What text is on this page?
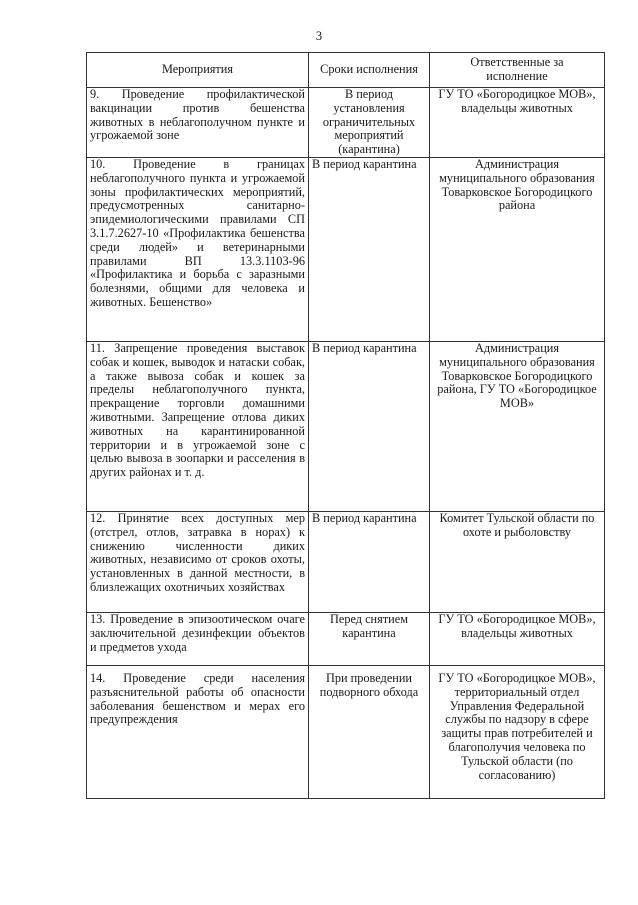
3
Мероприятия	Сроки исполнения	Ответственные за исполнение
9. Проведение профилактической вакцинации против бешенства животных в неблагополучном пункте и угрожаемой зоне	В период установления ограничительных мероприятий (карантина)	ГУ ТО «Богородицкое МОВ», владельцы животных
10. Проведение в границах неблагополучного пункта и угрожаемой зоны профилактических мероприятий, предусмотренных санитарно-эпидемиологическими правилами СП 3.1.7.2627-10 «Профилактика бешенства среди людей» и ветеринарными правилами ВП 13.3.1103-96 «Профилактика и борьба с заразными болезнями, общими для человека и животных. Бешенство»	В период карантина	Администрация муниципального образования Товарковское Богородицкого района
11. Запрещение проведения выставок собак и кошек, выводок и натаски собак, а также вывоза собак и кошек за пределы неблагополучного пункта, прекращение торговли домашними животными. Запрещение отлова диких животных на карантинированной территории и в угрожаемой зоне с целью вывоза в зоопарки и расселения в других районах и т. д.	В период карантина	Администрация муниципального образования Товарковское Богородицкого района, ГУ ТО «Богородицкое МОВ»
12. Принятие всех доступных мер (отстрел, отлов, затравка в норах) к снижению численности диких животных, независимо от сроков охоты, установленных в данной местности, в близлежащих охотничьих хозяйствах	В период карантина	Комитет Тульской области по охоте и рыболовству
13. Проведение в эпизоотическом очаге заключительной дезинфекции объектов и предметов ухода	Перед снятием карантина	ГУ ТО «Богородицкое МОВ», владельцы животных
14. Проведение среди населения разъяснительной работы об опасности заболевания бешенством и мерах его предупреждения	При проведении подворного обхода	ГУ ТО «Богородицкое МОВ», территориальный отдел Управления Федеральной службы по надзору в сфере защиты прав потребителей и благополучия человека по Тульской области (по согласованию)
